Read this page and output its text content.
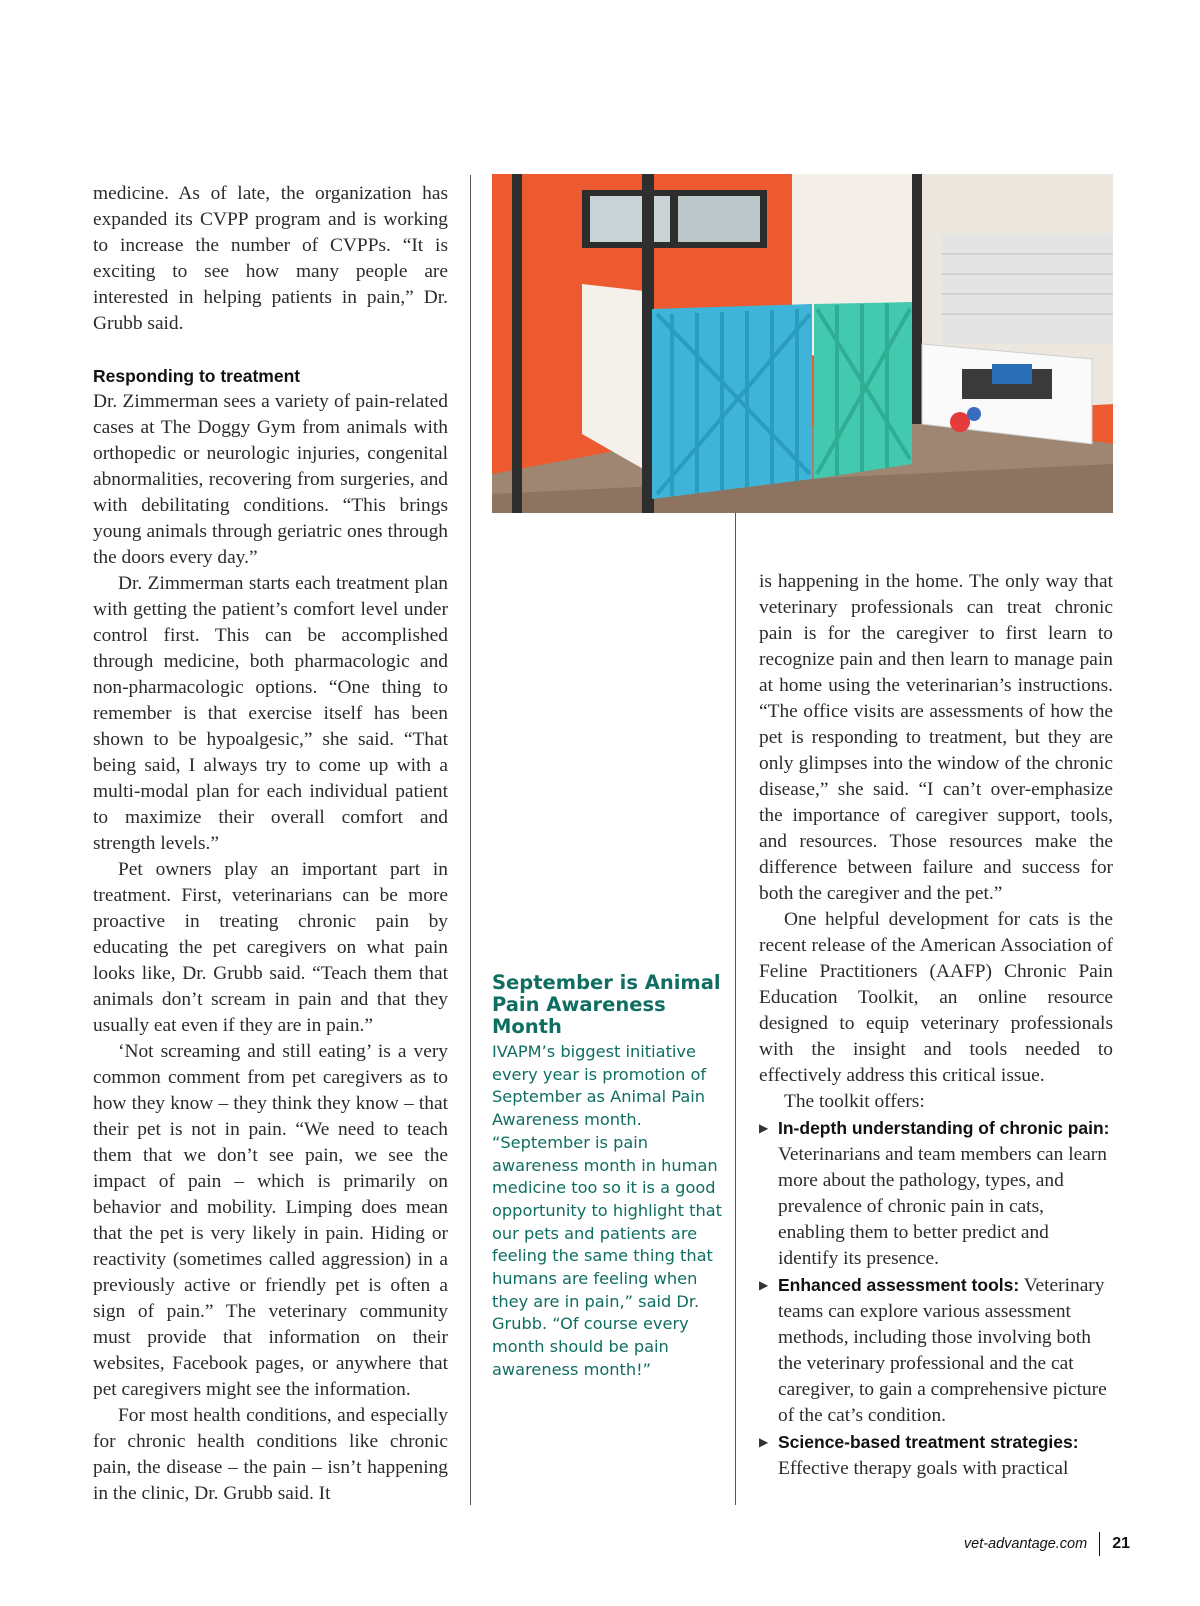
medicine. As of late, the organization has expanded its CVPP program and is working to increase the number of CVPPs. “It is exciting to see how many people are interested in helping patients in pain,” Dr. Grubb said.

Responding to treatment

Dr. Zimmerman sees a variety of pain-related cases at The Doggy Gym from animals with orthopedic or neurologic injuries, congenital abnormalities, recovering from surgeries, and with debilitating conditions. “This brings young animals through geriatric ones through the doors every day.”

Dr. Zimmerman starts each treatment plan with getting the patient’s comfort level under control first. This can be accomplished through medicine, both pharmacologic and non-pharmacologic options. “One thing to remember is that exercise itself has been shown to be hypoalgesic,” she said. “That being said, I always try to come up with a multi-modal plan for each individual patient to maximize their overall comfort and strength levels.”

Pet owners play an important part in treatment. First, veterinarians can be more proactive in treating chronic pain by educating the pet caregivers on what pain looks like, Dr. Grubb said. “Teach them that animals don’t scream in pain and that they usually eat even if they are in pain.”

‘Not screaming and still eating’ is a very common comment from pet caregivers as to how they know – they think they know – that their pet is not in pain. “We need to teach them that we don’t see pain, we see the impact of pain – which is primarily on behavior and mobility. Limping does mean that the pet is very likely in pain. Hiding or reactivity (sometimes called aggression) in a previously active or friendly pet is often a sign of pain.” The veterinary community must provide that information on their websites, Facebook pages, or anywhere that pet caregivers might see the information.

For most health conditions, and especially for chronic health conditions like chronic pain, the disease – the pain – isn’t happening in the clinic, Dr. Grubb said. It

September is Animal Pain Awareness Month

IVAPM’s biggest initiative every year is promotion of September as Animal Pain Awareness month. “September is pain awareness month in human medicine too so it is a good opportunity to highlight that our pets and patients are feeling the same thing that humans are feeling when they are in pain,” said Dr. Grubb. “Of course every month should be pain awareness month!”

is happening in the home. The only way that veterinary professionals can treat chronic pain is for the caregiver to first learn to recognize pain and then learn to manage pain at home using the veterinarian’s instructions. “The office visits are assessments of how the pet is responding to treatment, but they are only glimpses into the window of the chronic disease,” she said. “I can’t over-emphasize the importance of caregiver support, tools, and resources. Those resources make the difference between failure and success for both the caregiver and the pet.”

One helpful development for cats is the recent release of the American Association of Feline Practitioners (AAFP) Chronic Pain Education Toolkit, an online resource designed to equip veterinary professionals with the insight and tools needed to effectively address this critical issue.

The toolkit offers:

▶ In-depth understanding of chronic pain: Veterinarians and team members can learn more about the pathology, types, and prevalence of chronic pain in cats, enabling them to better predict and identify its presence.
▶ Enhanced assessment tools: Veterinary teams can explore various assessment methods, including those involving both the veterinary professional and the cat caregiver, to gain a comprehensive picture of the cat’s condition.
▶ Science-based treatment strategies: Effective therapy goals with practical
vet-advantage.com 21
